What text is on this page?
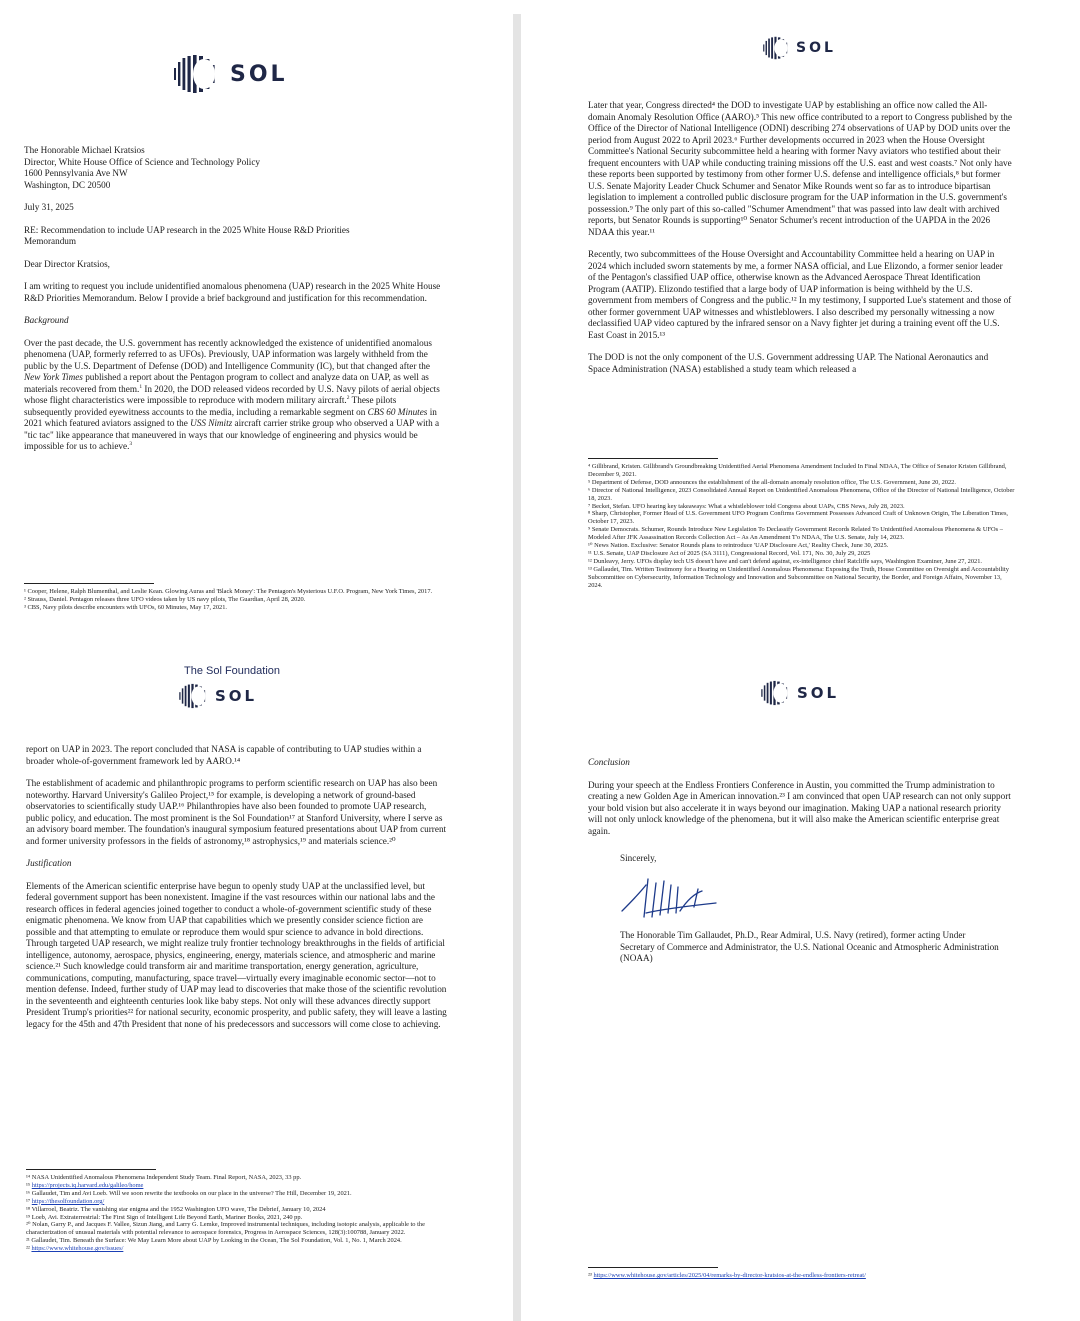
SOL

The Honorable Michael Kratsios
Director, White House Office of Science and Technology Policy
1600 Pennsylvania Ave NW
Washington, DC 20500

July 31, 2025

RE: Recommendation to include UAP research in the 2025 White House R&D Priorities
Memorandum

Dear Director Kratsios,

I am writing to request you include unidentified anomalous phenomena (UAP) research in the 2025 White House R&D Priorities Memorandum. Below I provide a brief background and justification for this recommendation.

Background

Over the past decade, the U.S. government has recently acknowledged the existence of unidentified anomalous phenomena (UAP, formerly referred to as UFOs). Previously, UAP information was largely withheld from the public by the U.S. Department of Defense (DOD) and Intelligence Community (IC), but that changed after the New York Times published a report about the Pentagon program to collect and analyze data on UAP, as well as materials recovered from them.$^1$ In 2020, the DOD released videos recorded by U.S. Navy pilots of aerial objects whose flight characteristics were impossible to reproduce with modern military aircraft.$^2$ These pilots subsequently provided eyewitness accounts to the media, including a remarkable segment on CBS 60 Minutes in 2021 which featured aviators assigned to the USS Nimitz aircraft carrier strike group who observed a UAP with a "tic tac" like appearance that maneuvered in ways that our knowledge of engineering and physics would be impossible for us to achieve.$^3$

¹ Cooper, Helene, Ralph Blumenthal, and Leslie Kean. Glowing Auras and 'Black Money': The Pentagon's Mysterious U.F.O. Program, New York Times, 2017.
² Strauss, Daniel. Pentagon releases three UFO videos taken by US navy pilots, The Guardian, April 28, 2020.
³ CBS, Navy pilots describe encounters with UFOs, 60 Minutes, May 17, 2021.
SOL

Later that year, Congress directed⁴ the DOD to investigate UAP by establishing an office now called the All-domain Anomaly Resolution Office (AARO).⁵ This new office contributed to a report to Congress published by the Office of the Director of National Intelligence (ODNI) describing 274 observations of UAP by DOD units over the period from August 2022 to April 2023.⁶ Further developments occurred in 2023 when the House Oversight Committee's National Security subcommittee held a hearing with former Navy aviators who testified about their frequent encounters with UAP while conducting training missions off the U.S. east and west coasts.⁷ Not only have these reports been supported by testimony from other former U.S. defense and intelligence officials,⁸ but former U.S. Senate Majority Leader Chuck Schumer and Senator Mike Rounds went so far as to introduce bipartisan legislation to implement a controlled public disclosure program for the UAP information in the U.S. government's possession.⁹ The only part of this so-called "Schumer Amendment" that was passed into law dealt with archived reports, but Senator Rounds is supporting¹⁰ Senator Schumer's recent introduction of the UAPDA in the 2026 NDAA this year.¹¹

Recently, two subcommittees of the House Oversight and Accountability Committee held a hearing on UAP in 2024 which included sworn statements by me, a former NASA official, and Lue Elizondo, a former senior leader of the Pentagon's classified UAP office, otherwise known as the Advanced Aerospace Threat Identification Program (AATIP). Elizondo testified that a large body of UAP information is being withheld by the U.S. government from members of Congress and the public.¹² In my testimony, I supported Lue's statement and those of other former government UAP witnesses and whistleblowers. I also described my personally witnessing a now declassified UAP video captured by the infrared sensor on a Navy fighter jet during a training event off the U.S. East Coast in 2015.¹³

The DOD is not the only component of the U.S. Government addressing UAP. The National Aeronautics and Space Administration (NASA) established a study team which released a

⁴ Gillibrand, Kristen. Gillibrand's Groundbreaking Unidentified Aerial Phenomena Amendment Included In Final NDAA, The Office of Senator Kristen Gillibrand, December 9, 2021.
⁵ Department of Defense, DOD announces the establishment of the all-domain anomaly resolution office, The U.S. Government, June 20, 2022.
⁶ Director of National Intelligence, 2023 Consolidated Annual Report on Unidentified Anomalous Phenomena, Office of the Director of National Intelligence, October 18, 2023.
⁷ Becket, Stefan. UFO hearing key takeaways: What a whistleblower told Congress about UAPs, CBS News, July 28, 2023.
⁸ Sharp, Christopher, Former Head of U.S. Government UFO Program Confirms Government Possesses Advanced Craft of Unknown Origin, The Liberation Times, October 17, 2023.
⁹ Senate Democrats. Schumer, Rounds Introduce New Legislation To Declassify Government Records Related To Unidentified Anomalous Phenomena & UFOs – Modeled After JFK Assassination Records Collection Act – As An Amendment T'o NDAA, The U.S. Senate, July 14, 2023.
¹⁰ News Nation. Exclusive: Senator Rounds plans to reintroduce 'UAP Disclosure Act,' Reality Check, June 30, 2025.
¹¹ U.S. Senate, UAP Disclosure Act of 2025 (SA 3111), Congressional Record, Vol. 171, No. 30, July 29, 2025
¹² Dunleavy, Jerry. UFOs display tech US doesn't have and can't defend against, ex-intelligence chief Ratcliffe says, Washington Examiner, June 27, 2021.
¹³ Gallaudet, Tim. Written Testimony for a Hearing on Unidentified Anomalous Phenomena: Exposing the Truth, House Committee on Oversight and Accountability Subcommittee on Cybersecurity, Information Technology and Innovation and Subcommittee on National Security, the Border, and Foreign Affairs, November 13, 2024.
The Sol Foundation
SOL

report on UAP in 2023. The report concluded that NASA is capable of contributing to UAP studies within a broader whole-of-government framework led by AARO.¹⁴

The establishment of academic and philanthropic programs to perform scientific research on UAP has also been noteworthy. Harvard University's Galileo Project,¹⁵ for example, is developing a network of ground-based observatories to scientifically study UAP.¹⁶ Philanthropies have also been founded to promote UAP research, public policy, and education. The most prominent is the Sol Foundation¹⁷ at Stanford University, where I serve as an advisory board member. The foundation's inaugural symposium featured presentations about UAP from current and former university professors in the fields of astronomy,¹⁸ astrophysics,¹⁹ and materials science.²⁰

Justification

Elements of the American scientific enterprise have begun to openly study UAP at the unclassified level, but federal government support has been nonexistent. Imagine if the vast resources within our national labs and the research offices in federal agencies joined together to conduct a whole-of-government scientific study of these enigmatic phenomena. We know from UAP that capabilities which we presently consider science fiction are possible and that attempting to emulate or reproduce them would spur science to advance in bold directions. Through targeted UAP research, we might realize truly frontier technology breakthroughs in the fields of artificial intelligence, autonomy, aerospace, physics, engineering, energy, materials science, and atmospheric and marine science.²¹ Such knowledge could transform air and maritime transportation, energy generation, agriculture, communications, computing, manufacturing, space travel—virtually every imaginable economic sector—not to mention defense. Indeed, further study of UAP may lead to discoveries that make those of the scientific revolution in the seventeenth and eighteenth centuries look like baby steps. Not only will these advances directly support President Trump's priorities²² for national security, economic prosperity, and public safety, they will leave a lasting legacy for the 45th and 47th President that none of his predecessors and successors will come close to achieving.

¹⁴ NASA Unidentified Anomalous Phenomena Independent Study Team. Final Report, NASA, 2023, 33 pp.
¹⁵ https://projects.iq.harvard.edu/galileo/home
¹⁶ Gallaudet, Tim and Avi Loeb. Will we soon rewrite the textbooks on our place in the universe? The Hill, December 19, 2021.
¹⁷ https://thesolfoundation.org/
¹⁸ Villarroel, Beatriz. The vanishing star enigma and the 1952 Washington UFO wave, The Debrief, January 10, 2024
¹⁹ Loeb, Avi. Extraterrestrial: The First Sign of Intelligent Life Beyond Earth, Mariner Books, 2021, 240 pp.
²⁰ Nolan, Garry P., and Jacques F. Vallee, Sizun Jiang, and Larry G. Lemke, Improved instrumental techniques, including isotopic analysis, applicable to the characterization of unusual materials with potential relevance to aerospace forensics, Progress in Aerospace Sciences, 128(3):100788, January 2022.
²¹ Gallaudet, Tim. Beneath the Surface: We May Learn More about UAP by Looking in the Ocean, The Sol Foundation, Vol. 1, No. 1, March 2024.
²² https://www.whitehouse.gov/issues/
SOL

Conclusion

During your speech at the Endless Frontiers Conference in Austin, you committed the Trump administration to creating a new Golden Age in American innovation.²³ I am convinced that open UAP research can not only support your bold vision but also accelerate it in ways beyond our imagination. Making UAP a national research priority will not only unlock knowledge of the phenomena, but it will also make the American scientific enterprise great again.

Sincerely,

The Honorable Tim Gallaudet, Ph.D., Rear Admiral, U.S. Navy (retired), former acting Under Secretary of Commerce and Administrator, the U.S. National Oceanic and Atmospheric Administration (NOAA)

²³ https://www.whitehouse.gov/articles/2025/04/remarks-by-director-kratsios-at-the-endless-frontiers-retreat/
